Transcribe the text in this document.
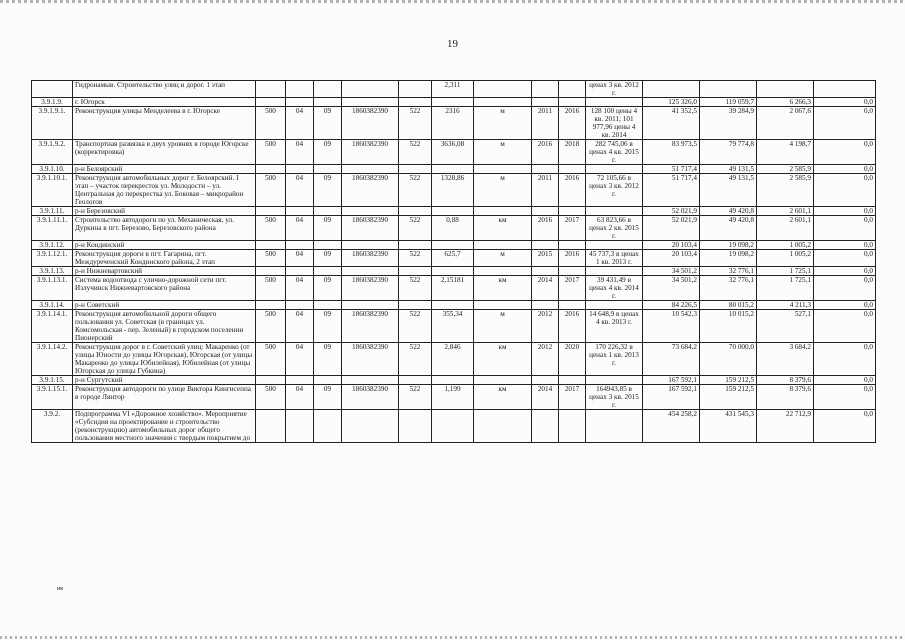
19
	Гидронамыв. Строительство улиц и дорог. 1 этап						2,311				ценах 3 кв. 2012 г.				
3.9.1.9.	г. Югорск											125 326,0	119 059,7	6 266,3	0,0
3.9.1.9.1.	Реконструкция улицы Менделеева в г. Югорске	500	04	09	1860382390	522	2316	м	2011	2016	128 100 цены 4 кв. 2011; 101 977,96 цены 4 кв. 2014	41 352,5	39 284,9	2 067,6	0,0
3.9.1.9.2.	Транспортная развязка в двух уровнях в городе Югорске (корректировка)	500	04	09	1860382390	522	3636,08	м	2016	2018	282 745,06 в ценах 4 кв. 2015 г.	83 973,5	79 774,8	4 198,7	0,0
3.9.1.10.	р-н Белоярский											51 717,4	49 131,5	2 585,9	0,0
3.9.1.10.1.	Реконструкция автомобильных дорог г. Белоярский. I этап – участок перекресток ул. Молодости – ул. Центральная до перекрестка ул. Боковая – микрорайон Геологов	500	04	09	1860382390	522	1328,86	м	2011	2016	72 105,66 в ценах 3 кв. 2012 г.	51 717,4	49 131,5	2 585,9	0,0
3.9.1.11.	р-н Березовский											52 021,9	49 420,8	2 601,1	0,0
3.9.1.11.1.	Строительство автодороги по ул. Механическая, ул. Дуркина в пгт. Березово, Березовского района	500	04	09	1860382390	522	0,88	км	2016	2017	63 823,66 в ценах 2 кв. 2015 г.	52 021,9	49 420,8	2 601,1	0,0
3.9.1.12.	р-н Кондинский											20 103,4	19 098,2	1 005,2	0,0
3.9.1.12.1.	Реконструкция дороги в пгт. Гагарина, пгт. Междуреченский Кондинского района, 2 этап	500	04	09	1860382390	522	625,7	м	2015	2016	45 737,3 в ценах 1 кв. 2013 г.	20 103,4	19 098,2	1 005,2	0,0
3.9.1.13.	р-н Нижневартовский											34 501,2	32 776,1	1 725,1	0,0
3.9.1.13.1.	Система водоотвода с улично-дорожной сети пгт. Излучинск Нижневартовского района	500	04	09	1860382390	522	2,15181	км	2014	2017	39 431,49 в ценах 4 кв. 2014 г.	34 501,2	32 776,1	1 725,1	0,0
3.9.1.14.	р-н Советский											84 226,5	80 015,2	4 211,3	0,0
3.9.1.14.1.	Реконструкция автомобильной дороги общего пользования ул. Советская (в границах ул. Комсомольская - пер. Зеленый) в городском поселении Пионерский	500	04	09	1860382390	522	355,34	м	2012	2016	14 648,9 в ценах 4 кв. 2013 г.	10 542,3	10 015,2	527,1	0,0
3.9.1.14.2.	Реконструкция дорог в г. Советский улиц: Макаренко (от улицы Юности до улицы Югорская), Югорская (от улицы Макаренко до улицы Юбилейная), Юбилейная (от улицы Югорская до улицы Губкина)	500	04	09	1860382390	522	2,846	км	2012	2020	170 226,32 в ценах 1 кв. 2013 г.	73 684,2	70 000,0	3 684,2	0,0
3.9.1.15.	р-н Сургутский											167 592,1	159 212,5	8 379,6	0,0
3.9.1.15.1.	Реконструкция автодороги по улице Виктора Кингисеппа в городе Лянтор	500	04	09	1860382390	522	1,199	км	2014	2017	164943,85 в ценах 3 кв. 2015 г.	167 592,1	159 212,5	8 379,6	0,0
3.9.2.	Подпрограмма VI «Дорожное хозяйство». Мероприятие «Субсидия на проектирование и строительство (реконструкцию) автомобильных дорог общего пользования местного значения с твердым покрытием до											454 258,2	431 545,3	22 712,9	0,0
ив
